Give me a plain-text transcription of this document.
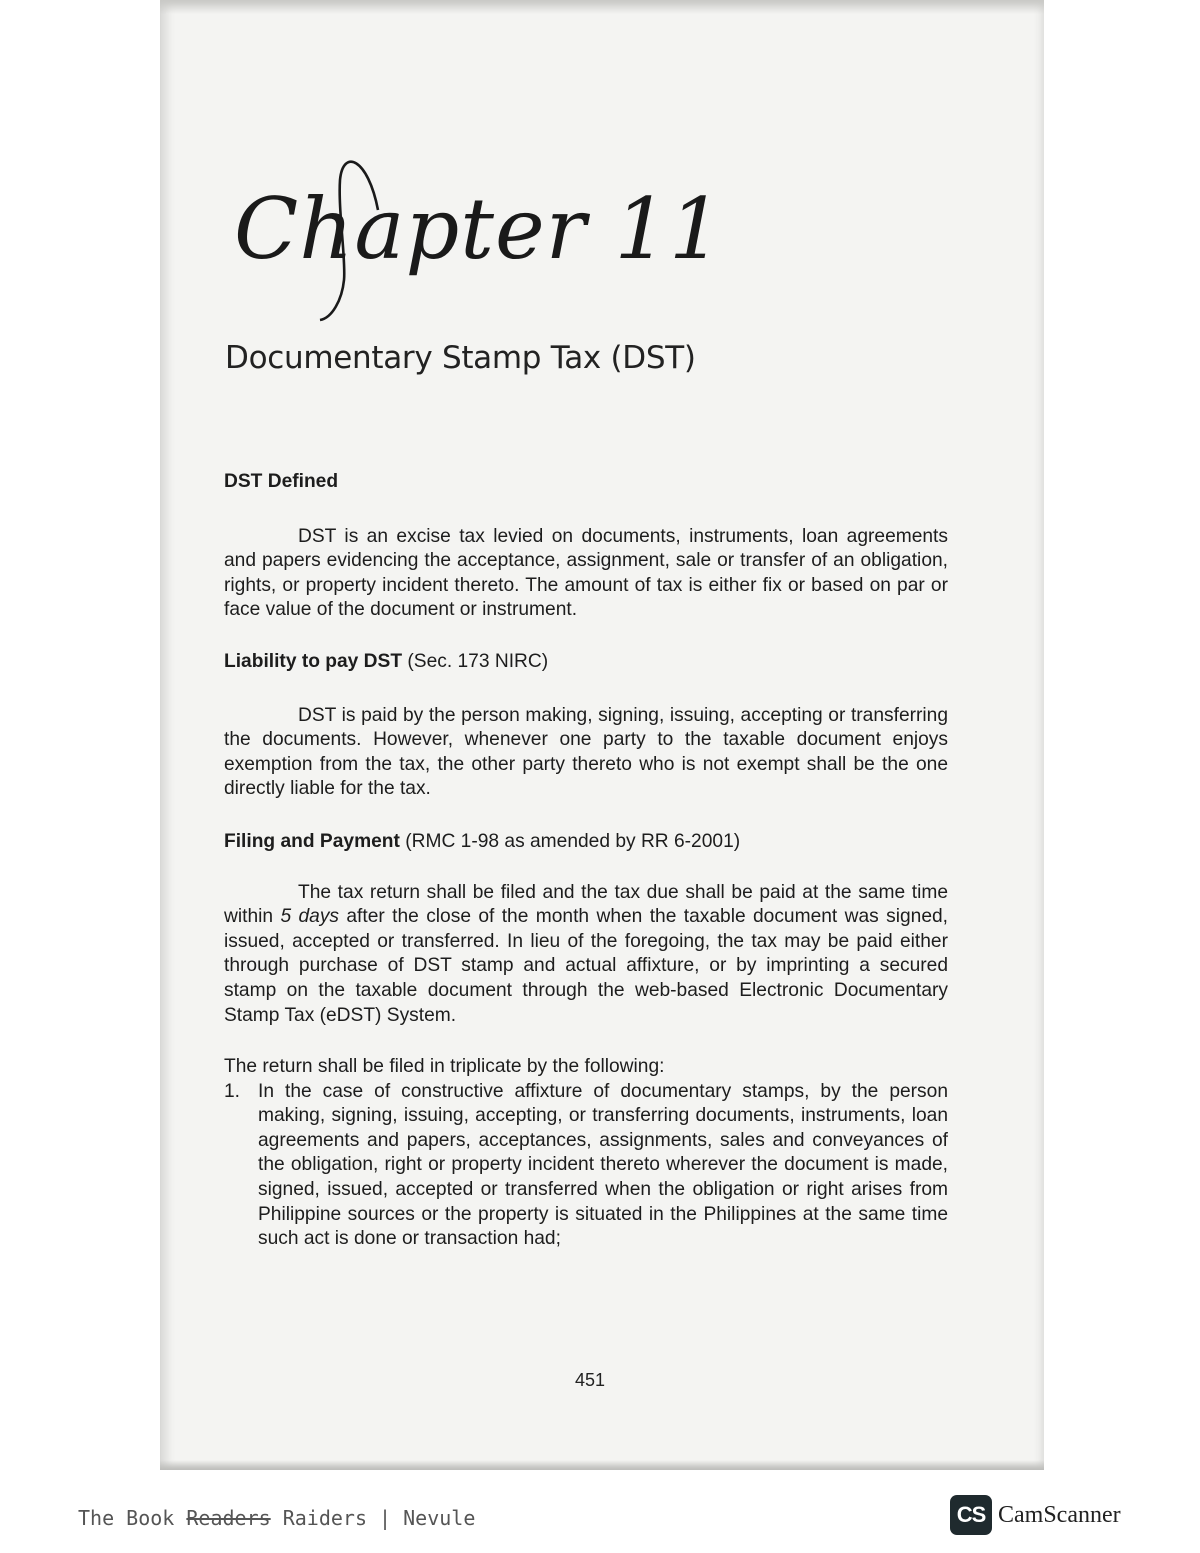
Chapter 11
Documentary Stamp Tax (DST)
DST Defined

DST is an excise tax levied on documents, instruments, loan agreements and papers evidencing the acceptance, assignment, sale or transfer of an obligation, rights, or property incident thereto. The amount of tax is either fix or based on par or face value of the document or instrument.

Liability to pay DST (Sec. 173 NIRC)

DST is paid by the person making, signing, issuing, accepting or transferring the documents. However, whenever one party to the taxable document enjoys exemption from the tax, the other party thereto who is not exempt shall be the one directly liable for the tax.

Filing and Payment (RMC 1-98 as amended by RR 6-2001)

The tax return shall be filed and the tax due shall be paid at the same time within 5 days after the close of the month when the taxable document was signed, issued, accepted or transferred. In lieu of the foregoing, the tax may be paid either through purchase of DST stamp and actual affixture, or by imprinting a secured stamp on the taxable document through the web-based Electronic Documentary Stamp Tax (eDST) System.

The return shall be filed in triplicate by the following:

1. In the case of constructive affixture of documentary stamps, by the person making, signing, issuing, accepting, or transferring documents, instruments, loan agreements and papers, acceptances, assignments, sales and conveyances of the obligation, right or property incident thereto wherever the document is made, signed, issued, accepted or transferred when the obligation or right arises from Philippine sources or the property is situated in the Philippines at the same time such act is done or transaction had;
451
The Book Readers Raiders | Nevule	CS CamScanner
